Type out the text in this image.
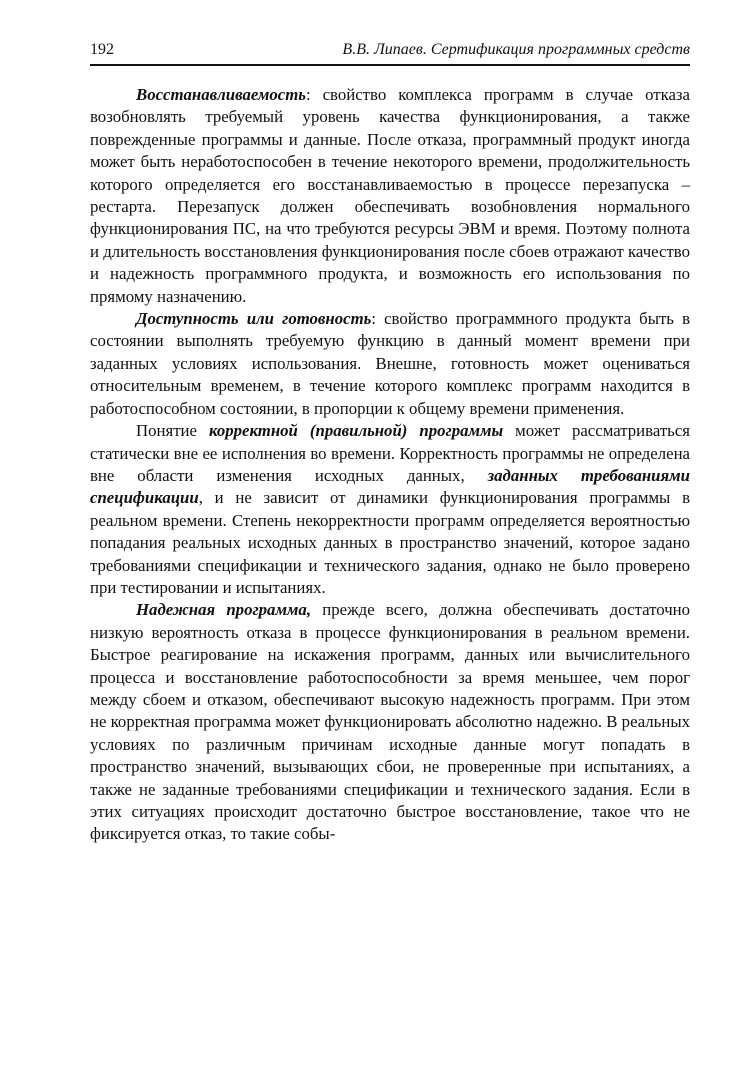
192	В.В. Липаев. Сертификация программных средств

Восстанавливаемость: свойство комплекса программ в случае отказа возобновлять требуемый уровень качества функционирования, а также поврежденные программы и данные. После отказа, программный продукт иногда может быть неработоспособен в течение некоторого времени, продолжительность которого определяется его восстанавливаемостью в процессе перезапуска – рестарта. Перезапуск должен обеспечивать возобновления нормального функционирования ПС, на что требуются ресурсы ЭВМ и время. Поэтому полнота и длительность восстановления функционирования после сбоев отражают качество и надежность программного продукта, и возможность его использования по прямому назначению.

Доступность или готовность: свойство программного продукта быть в состоянии выполнять требуемую функцию в данный момент времени при заданных условиях использования. Внешне, готовность может оцениваться относительным временем, в течение которого комплекс программ находится в работоспособном состоянии, в пропорции к общему времени применения.

Понятие корректной (правильной) программы может рассматриваться статически вне ее исполнения во времени. Корректность программы не определена вне области изменения исходных данных, заданных требованиями спецификации, и не зависит от динамики функционирования программы в реальном времени. Степень некорректности программ определяется вероятностью попадания реальных исходных данных в пространство значений, которое задано требованиями спецификации и технического задания, однако не было проверено при тестировании и испытаниях.

Надежная программа, прежде всего, должна обеспечивать достаточно низкую вероятность отказа в процессе функционирования в реальном времени. Быстрое реагирование на искажения программ, данных или вычислительного процесса и восстановление работоспособности за время меньшее, чем порог между сбоем и отказом, обеспечивают высокую надежность программ. При этом не корректная программа может функционировать абсолютно надежно. В реальных условиях по различным причинам исходные данные могут попадать в пространство значений, вызывающих сбои, не проверенные при испытаниях, а также не заданные требованиями спецификации и технического задания. Если в этих ситуациях происходит достаточно быстрое восстановление, такое что не фиксируется отказ, то такие собы-
